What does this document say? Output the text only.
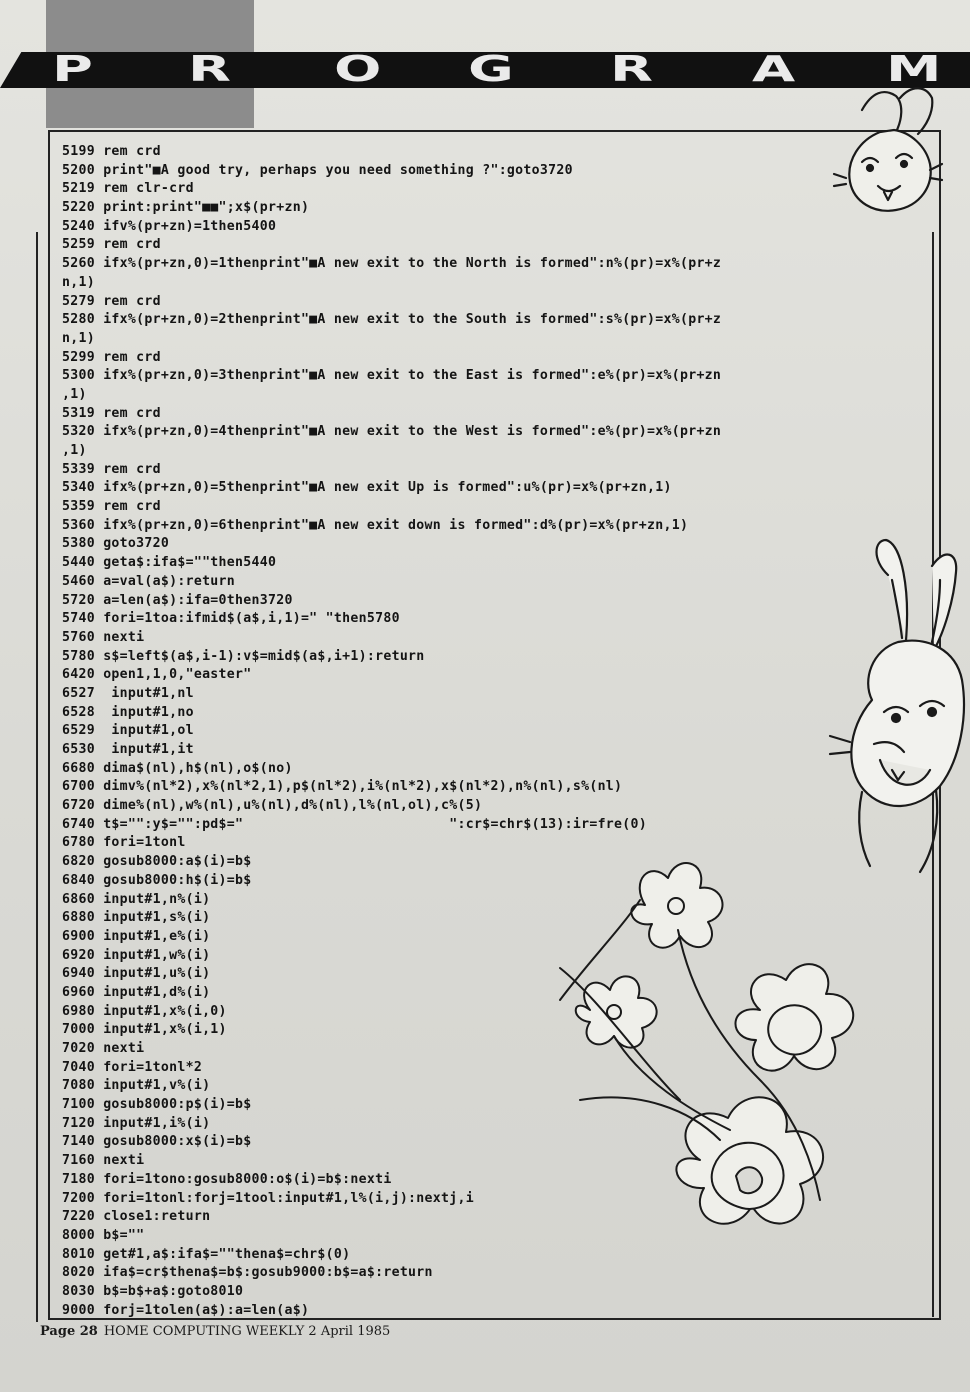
P	R	O G	R	A	M
5199 rem crd
5200 print"■A good try, perhaps you need something ?":goto3720
5219 rem clr-crd
5220 print:print"■■";x$(pr+zn)
5240 ifv%(pr+zn)=1then5400
5259 rem crd
5260 ifx%(pr+zn,0)=1thenprint"■A new exit to the North is formed":n%(pr)=x%(pr+z
n,1)
5279 rem crd
5280 ifx%(pr+zn,0)=2thenprint"■A new exit to the South is formed":s%(pr)=x%(pr+z
n,1)
5299 rem crd
5300 ifx%(pr+zn,0)=3thenprint"■A new exit to the East is formed":e%(pr)=x%(pr+zn
,1)
5319 rem crd
5320 ifx%(pr+zn,0)=4thenprint"■A new exit to the West is formed":e%(pr)=x%(pr+zn
,1)
5339 rem crd
5340 ifx%(pr+zn,0)=5thenprint"■A new exit Up is formed":u%(pr)=x%(pr+zn,1)
5359 rem crd
5360 ifx%(pr+zn,0)=6thenprint"■A new exit down is formed":d%(pr)=x%(pr+zn,1)
5380 goto3720
5440 geta$:ifa$=""then5440
5460 a=val(a$):return
5720 a=len(a$):ifa=0then3720
5740 fori=1toa:ifmid$(a$,i,1)=" "then5780
5760 nexti
5780 s$=left$(a$,i-1):v$=mid$(a$,i+1):return
6420 open1,1,0,"easter"
6527  input#1,nl
6528  input#1,no
6529  input#1,ol
6530  input#1,it
6680 dima$(nl),h$(nl),o$(no)
6700 dimv%(nl*2),x%(nl*2,1),p$(nl*2),i%(nl*2),x$(nl*2),n%(nl),s%(nl)
6720 dime%(nl),w%(nl),u%(nl),d%(nl),l%(nl,ol),c%(5)
6740 t$="":y$="":pd$="                         ":cr$=chr$(13):ir=fre(0)
6780 fori=1tonl
6820 gosub8000:a$(i)=b$
6840 gosub8000:h$(i)=b$
6860 input#1,n%(i)
6880 input#1,s%(i)
6900 input#1,e%(i)
6920 input#1,w%(i)
6940 input#1,u%(i)
6960 input#1,d%(i)
6980 input#1,x%(i,0)
7000 input#1,x%(i,1)
7020 nexti
7040 fori=1tonl*2
7080 input#1,v%(i)
7100 gosub8000:p$(i)=b$
7120 input#1,i%(i)
7140 gosub8000:x$(i)=b$
7160 nexti
7180 fori=1tono:gosub8000:o$(i)=b$:nexti
7200 fori=1tonl:forj=1tool:input#1,l%(i,j):nextj,i
7220 close1:return
8000 b$=""
8010 get#1,a$:ifa$=""thena$=chr$(0)
8020 ifa$=cr$thena$=b$:gosub9000:b$=a$:return
8030 b$=b$+a$:goto8010
9000 forj=1tolen(a$):a=len(a$)
Page 28 HOME COMPUTING WEEKLY 2 April 1985
